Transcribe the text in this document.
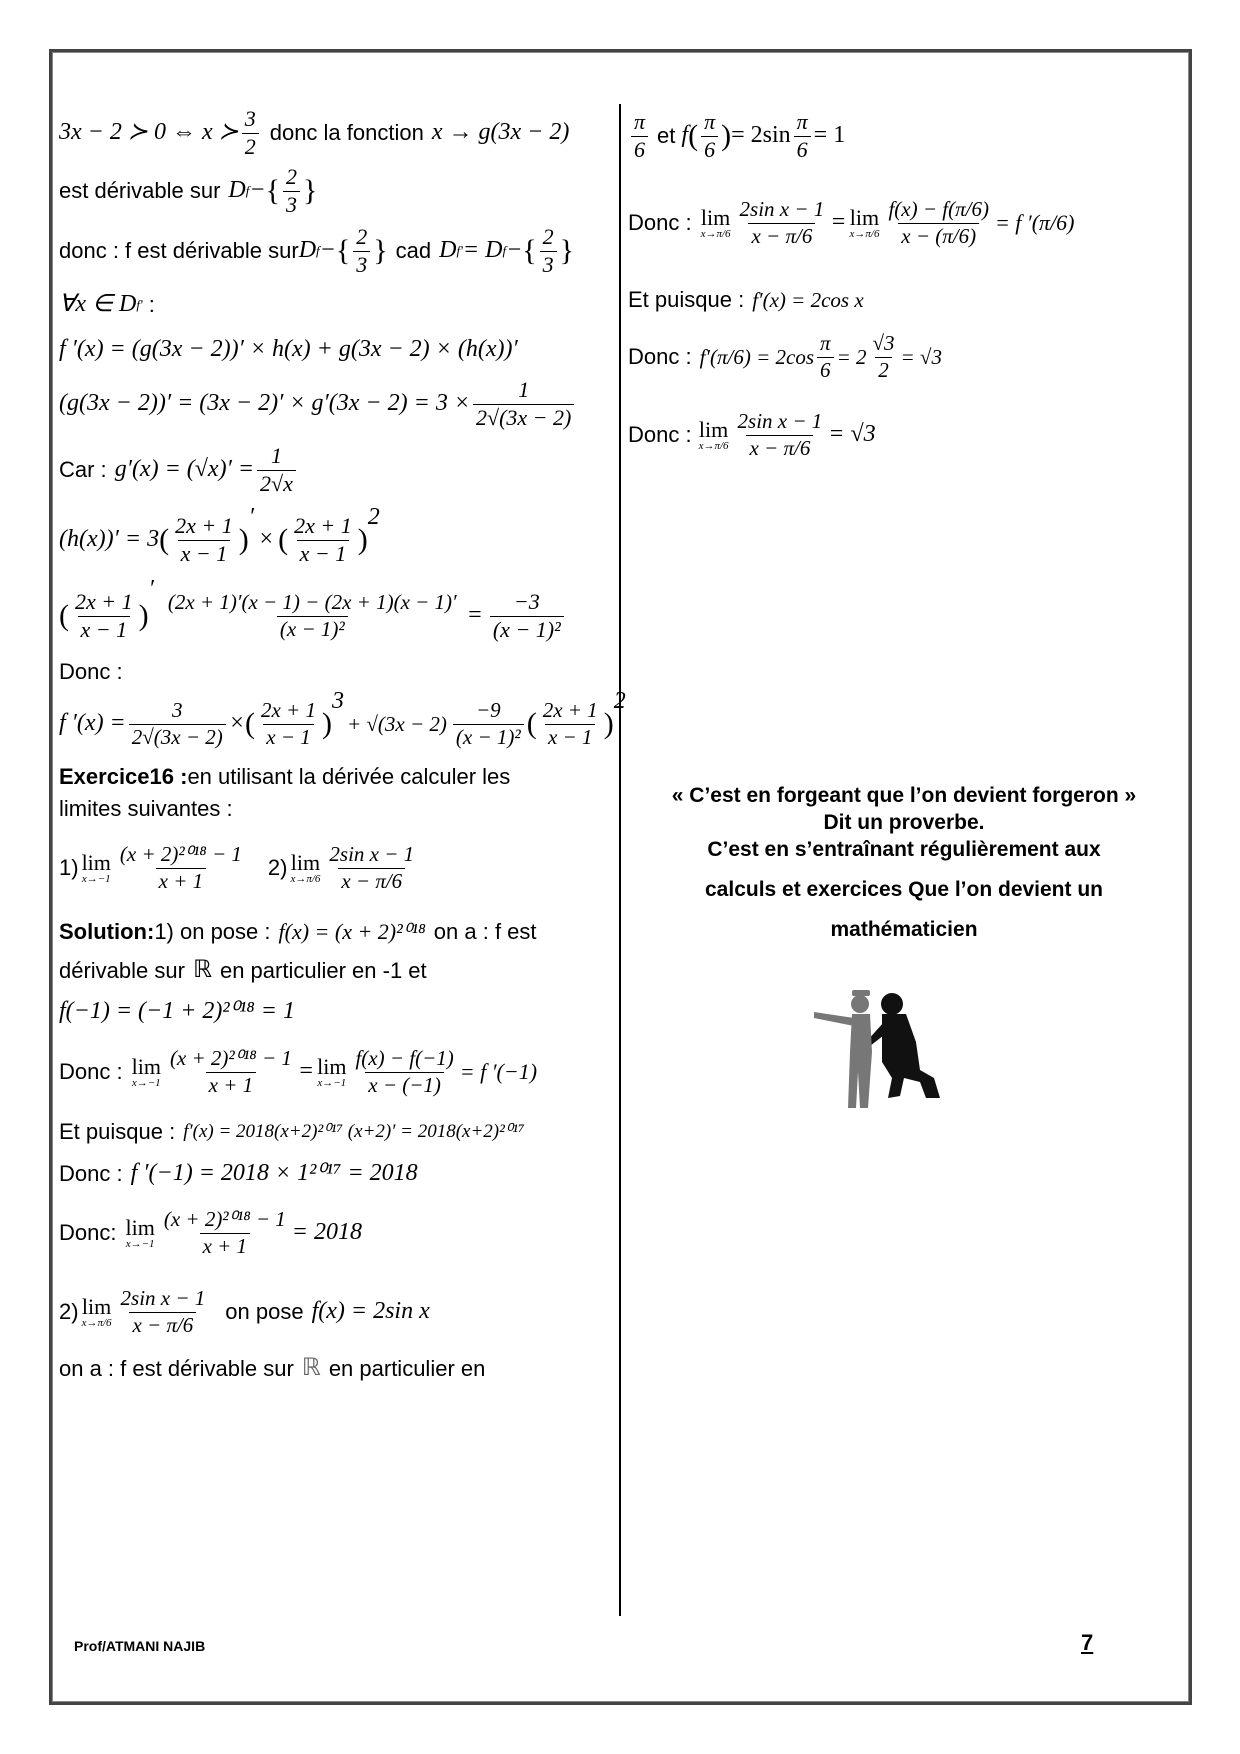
3x − 2 ≻ 0 ⇔ x ≻ $\frac{3}{2}$ donc la fonction x → g(3x − 2)
est dérivable sur D f − { $\frac{2}{3}$ }
donc : f est dérivable sur D f − { $\frac{2}{3}$ } cad D f' = D f − { $\frac{2}{3}$ }
∀x ∈ D f' :
f ′(x) = (g(3x − 2))′ × h(x) + g(3x − 2) × (h(x))′
$(g(3x - 2))' = (3x - 2)' \times g'(3x - 2) = 3 \times \frac{1}{2√(3x - 2)}$
Car : $g'(x) = (√x)' = \frac{1}{2√x}$
(h(x))′ = 3 ( $\frac{2x + 1}{x - 1}$ )
′
× ( $\frac{2x + 1}{x - 1}$ )
2
( $\frac{2x + 1}{x - 1}$ )
′
$\frac{(2x + 1)'(x - 1) - (2x + 1)(x - 1)'}{\text{(x − 1)²}} = \frac{-3}{\text{(x − 1)²}}$
Donc :
f $'(x) = \frac{3}{2√(3x - 2)}$ × ( $\frac{2x + 1}{x - 1}$ )
3
+ $√(3x - 2) \frac{-9}{\text{(x − 1)²}}$ ( $\frac{2x + 1}{x - 1}$ )
2
Exercice16 : en utilisant la dérivée calculer les
limites suivantes :
1) lim
$x\to-1 \frac{\text{(x + 2)²⁰¹⁸ − 1}}{x + 1} 2$) lim
$x\to\pi/6 \frac{\text{2sin x − 1}}{x - \pi/6}$
Solution: 1) on pose : f(x) = (x + 2)²⁰¹⁸ on a : f est
dérivable sur ℝ en particulier en -1 et
f(−1) = (−1 + 2)²⁰¹⁸ = 1
Donc : lim
$x\to-1 \frac{\text{(x + 2)²⁰¹⁸ − 1}}{x + 1} = \lim$
$x\to-1 \frac{f(x) - f(-1)}{x - (-1)} = f$ ′(−1)
Et puisque : f′(x) = 2018(x+2)²⁰¹⁷ (x+2)′ = 2018(x+2)²⁰¹⁷
Donc : f ′(−1) = 2018 × 1²⁰¹⁷ = 2018
Donc: lim
$x\to-1 \frac{\text{(x + 2)²⁰¹⁸ − 1}}{x + 1} = 2018$
2) lim
$x\to\pi/6 \frac{\text{2sin x − 1}}{x - \pi/6}$ on pose f(x) = 2sin x
on a : f est dérivable sur ℝ en particulier en
$\frac{\pi}{6}$ et f ( $\frac{\pi}{6}$ ) = $2\sin \frac{\pi}{6} = 1$
Donc : lim
$x\to\pi/6 \frac{\text{2sin x − 1}}{x - \pi/6} = \lim$
$x\to\pi/6 \frac{f(x) - f(\pi/6)}{x - (\pi/6)} = f$ ′(π/6)
Et puisque : f′(x) = 2cos x
Donc : $f'(\pi/6) = 2\cos \frac{\pi}{6} = 2 \frac{√3}{2} = √3$
Donc : lim
$x\to\pi/6 \frac{\text{2sin x − 1}}{x - \pi/6} = √3$
« C’est en forgeant que l’on devient forgeron »
Dit un proverbe.
C’est en s’entraînant régulièrement aux
calculs et exercices Que l’on devient un
mathématicien
Prof/ATMANI NAJIB	7
